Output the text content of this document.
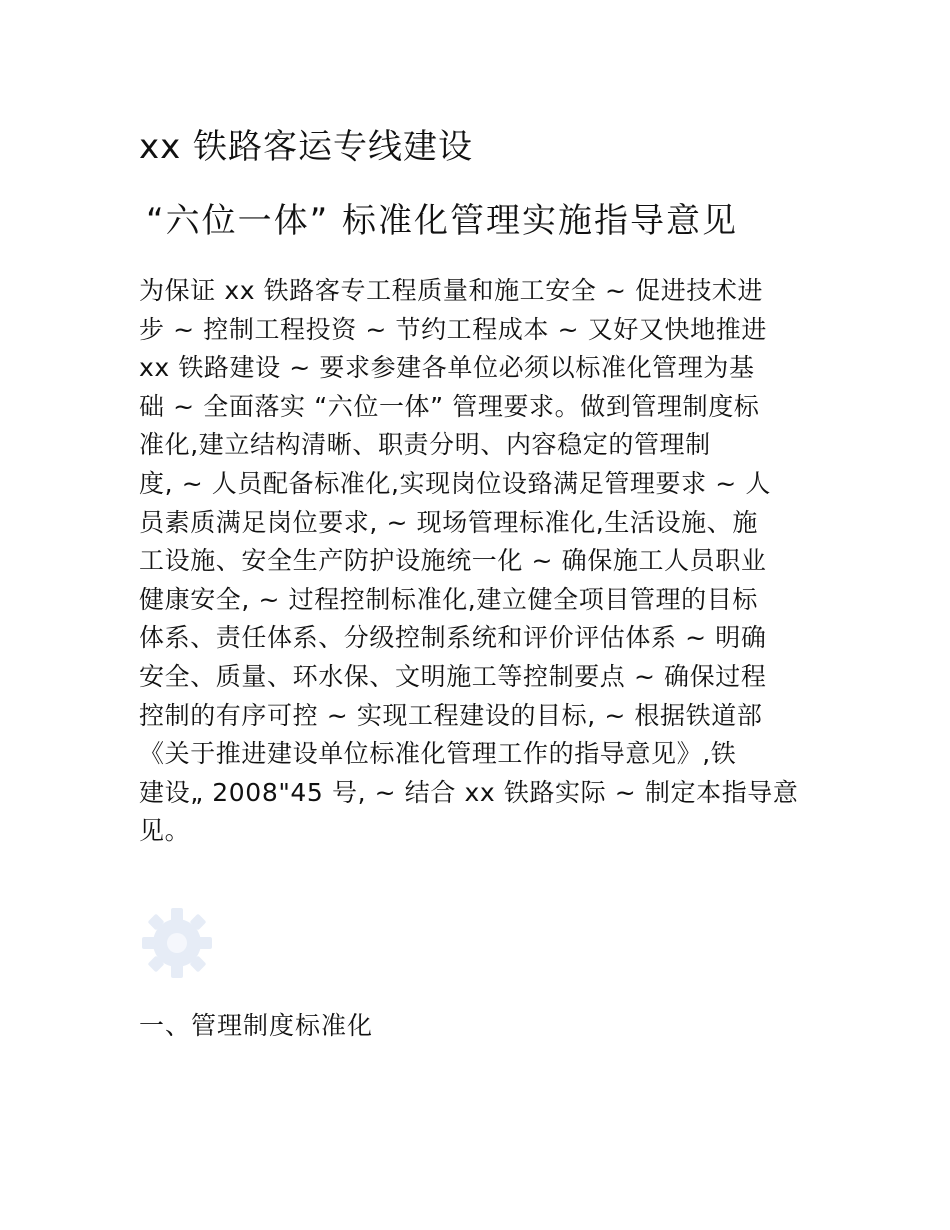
xx 铁路客运专线建设
“六位一体” 标准化管理实施指导意见
为保证 xx 铁路客专工程质量和施工安全 ~ 促进技术进
步 ~ 控制工程投资 ~ 节约工程成本 ~ 又好又快地推进
xx 铁路建设 ~ 要求参建各单位必须以标准化管理为基
础 ~ 全面落实 “六位一体” 管理要求。做到管理制度标
准化,建立结构清晰、职责分明、内容稳定的管理制
度, ~ 人员配备标准化,实现岗位设臵满足管理要求 ~ 人
员素质满足岗位要求, ~ 现场管理标准化,生活设施、施
工设施、安全生产防护设施统一化 ~ 确保施工人员职业
健康安全, ~ 过程控制标准化,建立健全项目管理的目标
体系、责任体系、分级控制系统和评价评估体系 ~ 明确
安全、质量、环水保、文明施工等控制要点 ~ 确保过程
控制的有序可控 ~ 实现工程建设的目标, ~ 根据铁道部
《关于推进建设单位标准化管理工作的指导意见》,铁
建设„ 2008"45 号, ~ 结合 xx 铁路实际 ~ 制定本指导意
见。
一、管理制度标准化
